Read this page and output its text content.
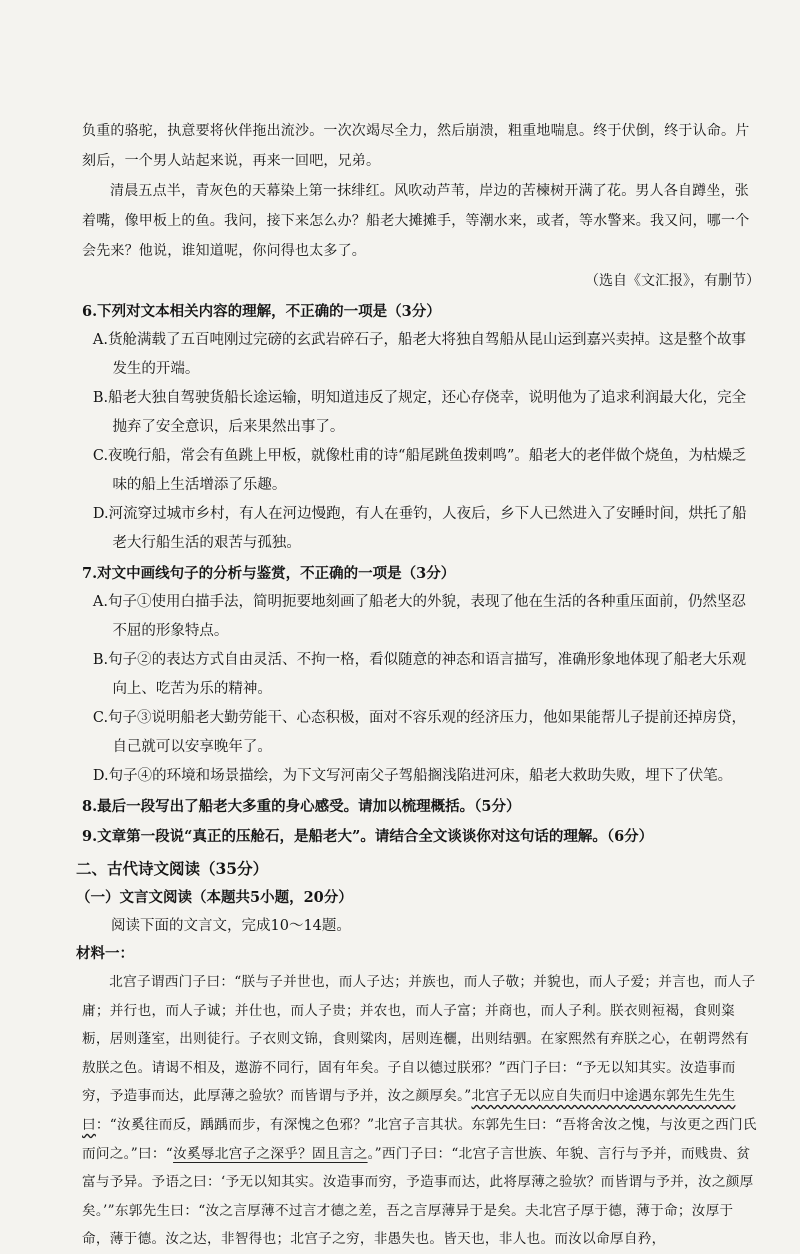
负重的骆驼，执意要将伙伴拖出流沙。一次次竭尽全力，然后崩溃，粗重地喘息。终于伏倒，终于认命。片刻后，一个男人站起来说，再来一回吧，兄弟。

清晨五点半，青灰色的天幕染上第一抹绯红。风吹动芦苇，岸边的苦楝树开满了花。男人各自蹲坐，张着嘴，像甲板上的鱼。我问，接下来怎么办？船老大摊摊手，等潮水来，或者，等水警来。我又问，哪一个会先来？他说，谁知道呢，你问得也太多了。

（选自《文汇报》，有删节）

6.下列对文本相关内容的理解，不正确的一项是（3分）

A.货舱满载了五百吨刚过完磅的玄武岩碎石子，船老大将独自驾船从昆山运到嘉兴卖掉。这是整个故事发生的开端。

B.船老大独自驾驶货船长途运输，明知道违反了规定，还心存侥幸，说明他为了追求利润最大化，完全抛弃了安全意识，后来果然出事了。

C.夜晚行船，常会有鱼跳上甲板，就像杜甫的诗“船尾跳鱼拨剌鸣”。船老大的老伴做个烧鱼，为枯燥乏味的船上生活增添了乐趣。

D.河流穿过城市乡村，有人在河边慢跑，有人在垂钓，人夜后，乡下人已然进入了安睡时间，烘托了船老大行船生活的艰苦与孤独。

7.对文中画线句子的分析与鉴赏，不正确的一项是（3分）

A.句子①使用白描手法，简明扼要地刻画了船老大的外貌，表现了他在生活的各种重压面前，仍然坚忍不屈的形象特点。

B.句子②的表达方式自由灵活、不拘一格，看似随意的神态和语言描写，准确形象地体现了船老大乐观向上、吃苦为乐的精神。

C.句子③说明船老大勤劳能干、心态积极，面对不容乐观的经济压力，他如果能帮儿子提前还掉房贷，自己就可以安享晚年了。

D.句子④的环境和场景描绘，为下文写河南父子驾船搁浅陷进河床，船老大救助失败，埋下了伏笔。

8.最后一段写出了船老大多重的身心感受。请加以梳理概括。（5分）

9.文章第一段说“真正的压舱石，是船老大”。请结合全文谈谈你对这句话的理解。（6分）

二、古代诗文阅读（35分）

（一）文言文阅读（本题共5小题，20分）

阅读下面的文言文，完成10～14题。

材料一：

北宫子谓西门子曰：“朕与子并世也，而人子达；并族也，而人子敬；并貌也，而人子爱；并言也，而人子庸；并行也，而人子诚；并仕也，而人子贵；并农也，而人子富；并商也，而人子利。朕衣则裋褐，食则粢粝，居则蓬室，出则徒行。子衣则文锦，食则粱肉，居则连欐，出则结驷。在家熙然有弃朕之心，在朝谔然有敖朕之色。请谒不相及，遨游不同行，固有年矣。子自以德过朕邪？”西门子曰：“予无以知其实。汝造事而穷，予造事而达，此厚薄之验欤？而皆谓与予并，汝之颜厚矣。”北宫子无以应自失而归中途遇东郭先生先生曰：“汝奚往而反，踽踽而步，有深愧之色邪？”北宫子言其状。东郭先生曰：“吾将舍汝之愧，与汝更之西门氏而问之。”曰：“汝奚辱北宫子之深乎？固且言之。”西门子曰：“北宫子言世族、年貌、言行与予并，而贱贵、贫富与予异。予语之曰：‘予无以知其实。汝造事而穷，予造事而达，此将厚薄之验欤？而皆谓与予并，汝之颜厚矣。’”东郭先生曰：“汝之言厚薄不过言才德之差，吾之言厚薄异于是矣。夫北宫子厚于德，薄于命；汝厚于命，薄于德。汝之达，非智得也；北宫子之穷，非愚失也。皆天也，非人也。而汝以命厚自矜，
